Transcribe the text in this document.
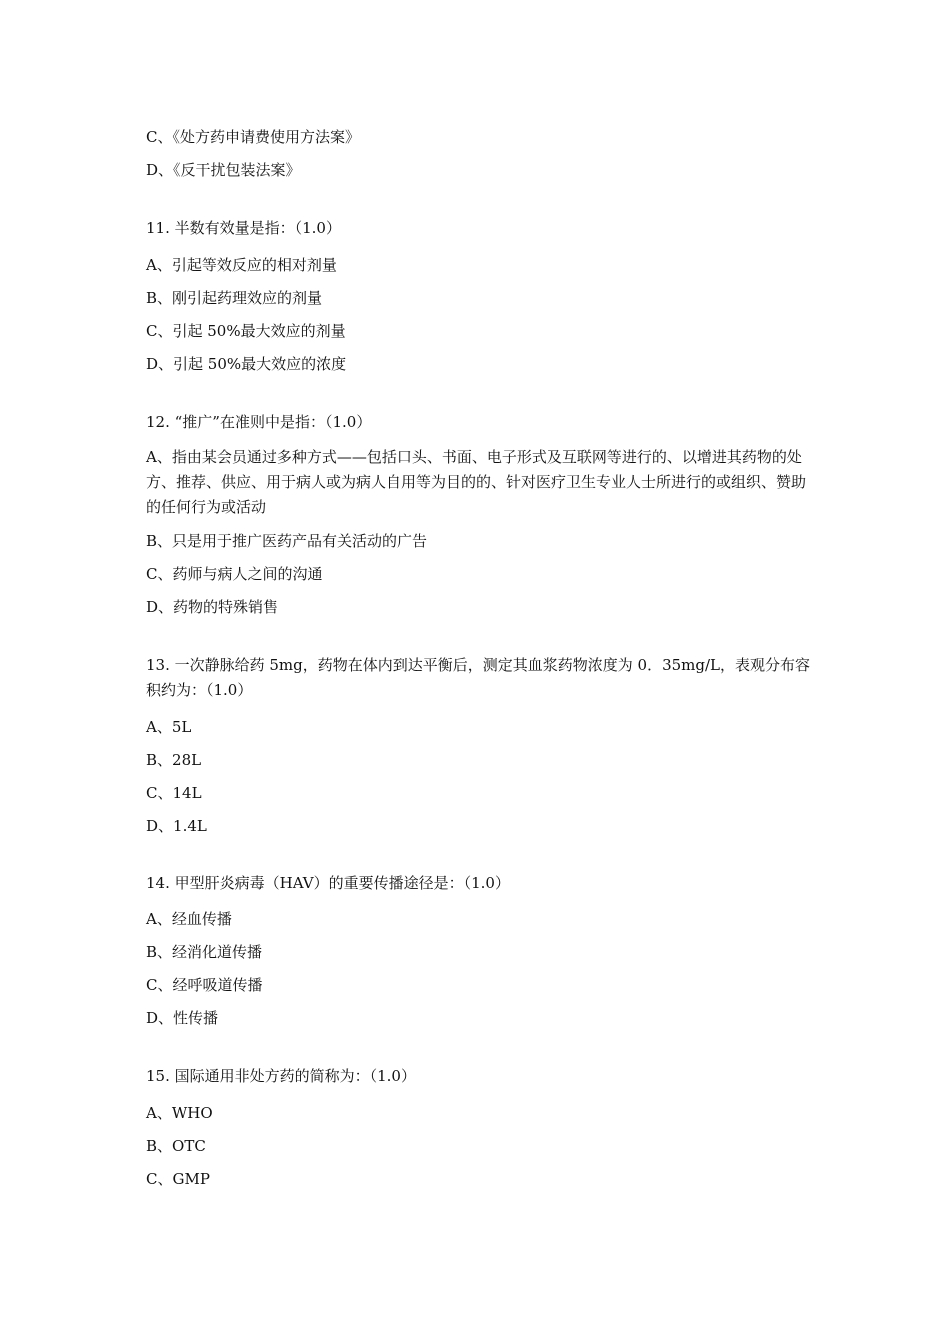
C、《处方药申请费使用方法案》
D、《反干扰包装法案》
11. 半数有效量是指：（1.0）
A、引起等效反应的相对剂量
B、刚引起药理效应的剂量
C、引起 50%最大效应的剂量
D、引起 50%最大效应的浓度
12. “推广”在准则中是指：（1.0）
A、指由某会员通过多种方式——包括口头、书面、电子形式及互联网等进行的、以增进其药物的处方、推荐、供应、用于病人或为病人自用等为目的的、针对医疗卫生专业人士所进行的或组织、赞助的任何行为或活动
B、只是用于推广医药产品有关活动的广告
C、药师与病人之间的沟通
D、药物的特殊销售
13. 一次静脉给药 5mg，药物在体内到达平衡后，测定其血浆药物浓度为 0．35mg/L，表观分布容积约为：（1.0）
A、5L
B、28L
C、14L
D、1.4L
14. 甲型肝炎病毒（HAV）的重要传播途径是：（1.0）
A、经血传播
B、经消化道传播
C、经呼吸道传播
D、性传播
15. 国际通用非处方药的简称为：（1.0）
A、WHO
B、OTC
C、GMP
